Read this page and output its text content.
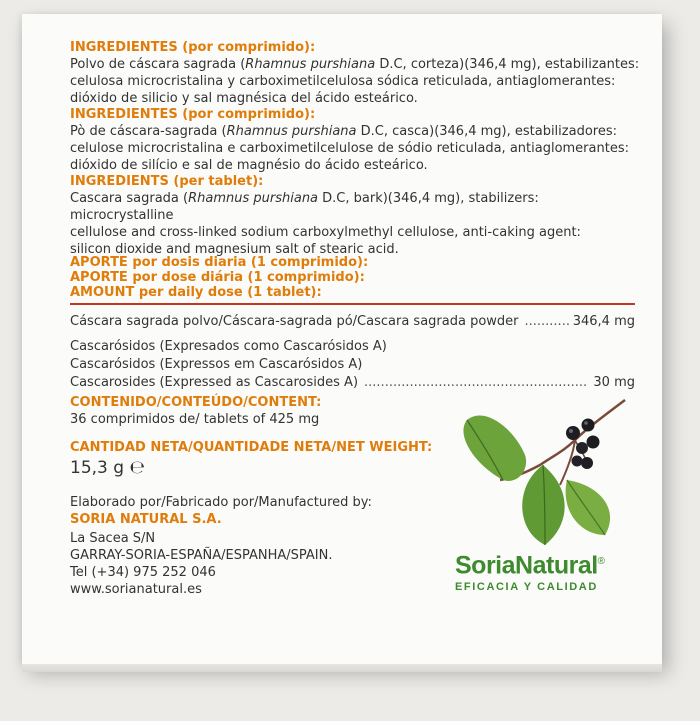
INGREDIENTES (por comprimido):
Polvo de cáscara sagrada (Rhamnus purshiana D.C, corteza)(346,4 mg), estabilizantes:
celulosa microcristalina y carboximetilcelulosa sódica reticulada, antiaglomerantes:
dióxido de silicio y sal magnésica del ácido esteárico.
INGREDIENTES (por comprimido):
Pò de cáscara-sagrada (Rhamnus purshiana D.C, casca)(346,4 mg), estabilizadores:
celulose microcristalina e carboximetilcelulose de sódio reticulada, antiaglomerantes:
dióxido de silício e sal de magnésio do ácido esteárico.
INGREDIENTS (per tablet):
Cascara sagrada (Rhamnus purshiana D.C, bark)(346,4 mg), stabilizers: microcrystalline
cellulose and cross-linked sodium carboxylmethyl cellulose, anti-caking agent:
silicon dioxide and magnesium salt of stearic acid.
APORTE por dosis diaria (1 comprimido):
APORTE por dose diária (1 comprimido):
AMOUNT per daily dose (1 tablet):
Cáscara sagrada polvo/Cáscara-sagrada pó/Cascara sagrada powder .....	346,4 mg
Cascarósidos (Expresados como Cascarósidos A)
Cascarósidos (Expressos em Cascarósidos A)
Cascarosides (Expressed as Cascarosides A) .....	30 mg
CONTENIDO/CONTEÚDO/CONTENT:
36 comprimidos de/ tablets of 425 mg
CANTIDAD NETA/QUANTIDADE NETA/NET WEIGHT:
15,3 g ℮
Elaborado por/Fabricado por/Manufactured by:
SORIA NATURAL S.A.
La Sacea S/N
GARRAY-SORIA-ESPAÑA/ESPANHA/SPAIN.
Tel (+34) 975 252 046
www.sorianatural.es
SoriaNatural®
EFICACIA Y CALIDAD
